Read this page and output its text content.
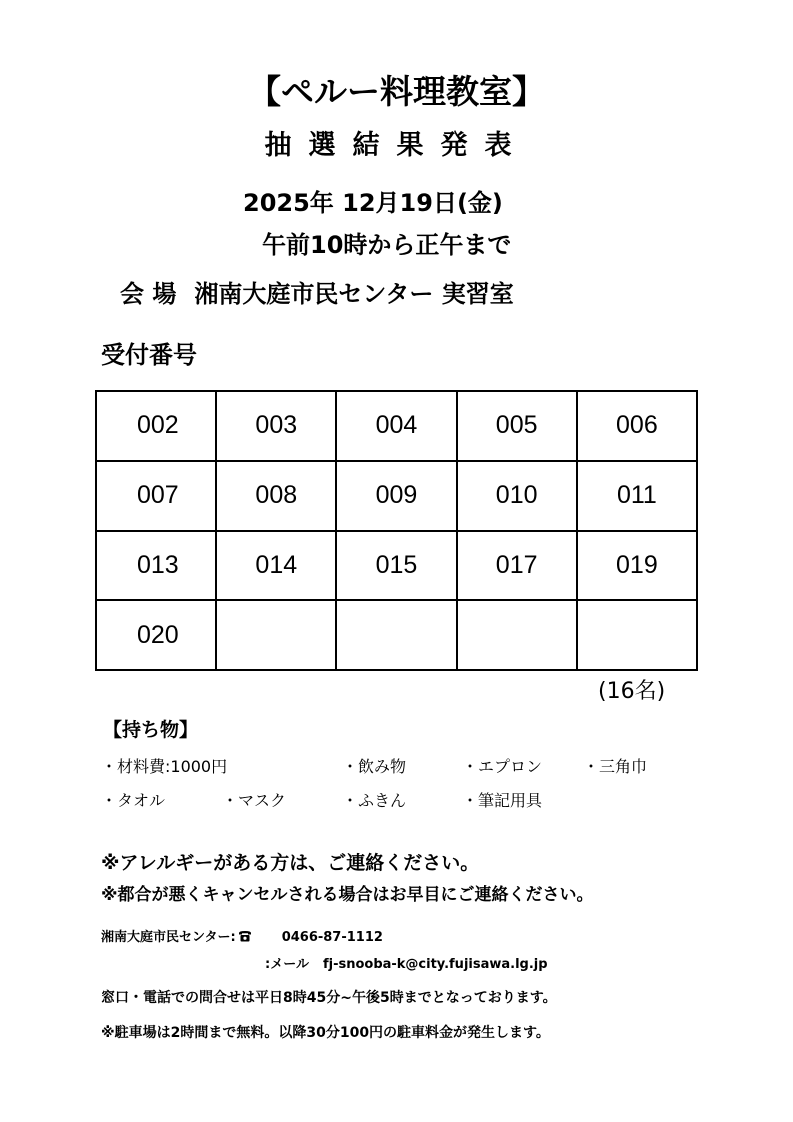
【ペルー料理教室】
抽選結果発表
2025年 12月19日(金)
午前10時から正午まで
会 場 湘南大庭市民センター 実習室
受付番号
002	003	004	005	006
007	008	009	010	011
013	014	015	017	019
020				
(16名)
【持ち物】
・材料費:1000円	・飲み物	・エプロン	・三角巾
・タオル	・マスク	・ふきん	・筆記用具
※アレルギーがある方は、ご連絡ください。
※都合が悪くキャンセルされる場合はお早目にご連絡ください。
湘南大庭市民センター:	0466-87-1112
:メール fj-snooba-k@city.fujisawa.lg.jp
窓口・電話での問合せは平日8時45分~午後5時までとなっております。
※駐車場は2時間まで無料。以降30分100円の駐車料金が発生します。
